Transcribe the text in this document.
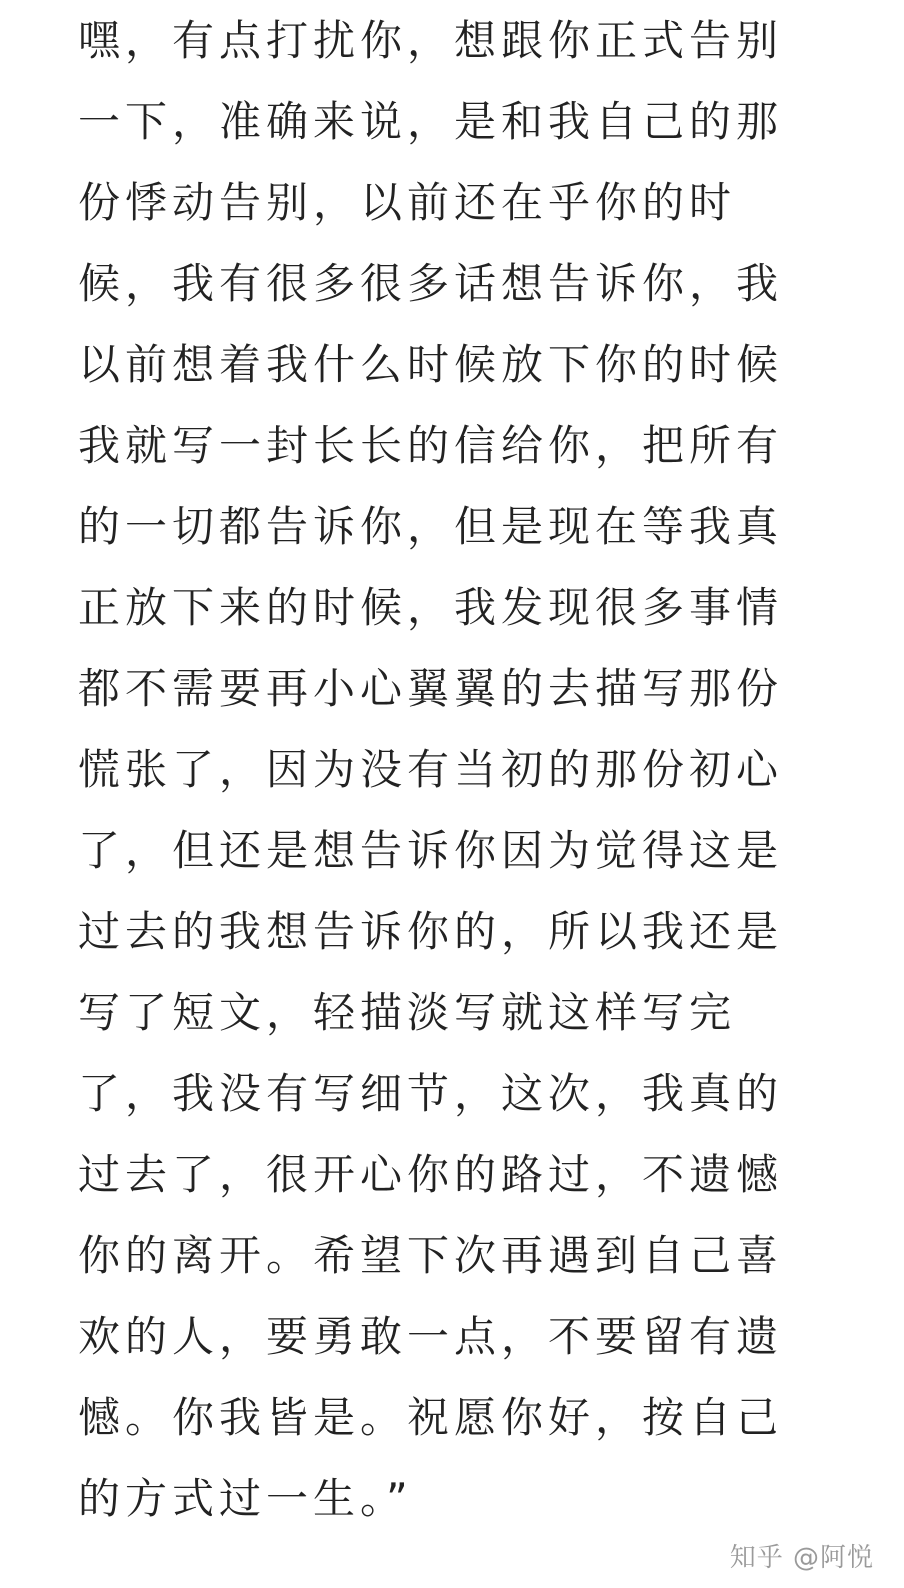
嘿，有点打扰你，想跟你正式告别
一下，准确来说，是和我自己的那
份悸动告别，以前还在乎你的时
候，我有很多很多话想告诉你，我
以前想着我什么时候放下你的时候
我就写一封长长的信给你，把所有
的一切都告诉你，但是现在等我真
正放下来的时候，我发现很多事情
都不需要再小心翼翼的去描写那份
慌张了，因为没有当初的那份初心
了，但还是想告诉你因为觉得这是
过去的我想告诉你的，所以我还是
写了短文，轻描淡写就这样写完
了，我没有写细节，这次，我真的
过去了，很开心你的路过，不遗憾
你的离开。希望下次再遇到自己喜
欢的人，要勇敢一点，不要留有遗
憾。你我皆是。祝愿你好，按自己
的方式过一生。”
知乎 @阿悦
